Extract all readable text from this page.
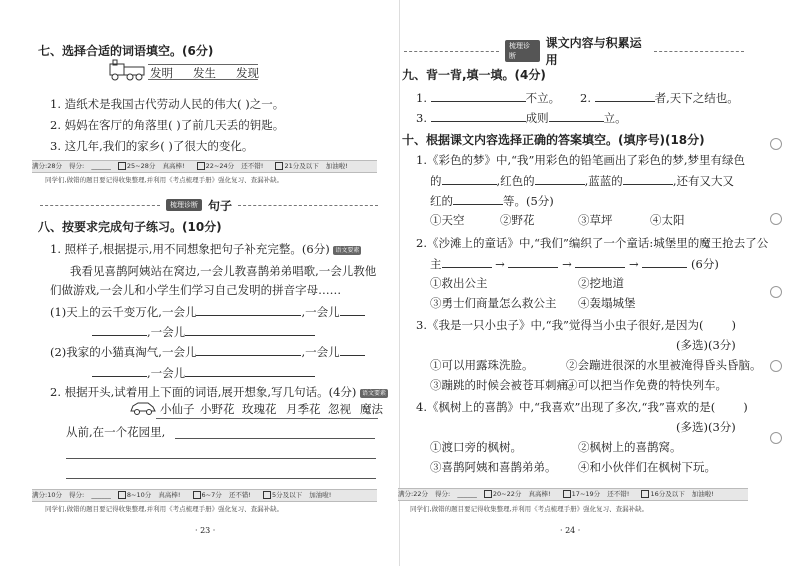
七、选择合适的词语填空。(6分)
发明 发生 发现
1. 造纸术是我国古代劳动人民的伟大( )之一。
2. 妈妈在客厅的角落里( )了前几天丢的钥匙。
3. 这几年,我们的家乡( )了很大的变化。
满分:28分 得分: ______ 25~28分 真高棒!	22~24分 还不错!	21分及以下 加油啦!
同学们,做错的题目要记得收集整理,并利用《考点梳理手册》强化复习、查漏补缺。
梳理诊断 句子
八、按要求完成句子练习。(10分)
1. 照样子,根据提示,用不同想象把句子补充完整。(6分) 语文要素
我看见喜鹊阿姨站在窝边,一会儿教喜鹊弟弟唱歌,一会儿教他
们做游戏,一会儿和小学生们学习自己发明的拼音字母……
(1)天上的云千变万化,一会儿	,一会儿
,一会儿
(2)我家的小猫真淘气,一会儿	,一会儿
,一会儿
2. 根据开头,试着用上下面的词语,展开想象,写几句话。(4分) 语文要素
小仙子 小野花 玫瑰花 月季花 忽视 魔法
从前,在一个花园里,
满分:10分 得分: ______ 8~10分 真高棒!	6~7分 还不错!	5分及以下 加油啦!
同学们,做错的题目要记得收集整理,并利用《考点梳理手册》强化复习、查漏补缺。
· 23 ·
梳理诊断
课文内容与积累运用
九、背一背,填一填。(4分)
1.	不立。 2.	者,天下之结也。
3.	成则	立。
十、根据课文内容选择正确的答案填空。(填序号)(18分)
1.《彩色的梦》中,“我”用彩色的铅笔画出了彩色的梦,梦里有绿色
的	,红色的	,蓝蓝的	,还有又大又
红的	等。(5分)
①天空	②野花	③草坪	④太阳
2.《沙滩上的童话》中,“我们”编织了一个童话:城堡里的魔王抢去了公
主	→	→	→	(6分)
①救出公主	②挖地道
③勇士们商量怎么救公主 ④轰塌城堡
3.《我是一只小虫子》中,“我”觉得当小虫子很好,是因为( )
(多选)(3分)
①可以用露珠洗脸。	②会蹦进很深的水里被淹得昏头昏脑。
③蹦跳的时候会被苍耳刺痛。
④可以把当作免费的特快列车。
4.《枫树上的喜鹊》中,“我喜欢”出现了多次,“我”喜欢的是( )
(多选)(3分)
①渡口旁的枫树。	②枫树上的喜鹊窝。
③喜鹊阿姨和喜鹊弟弟。 ④和小伙伴们在枫树下玩。
满分:22分 得分: ______ 20~22分 真高棒!	17~19分 还不错!	16分及以下 加油啦!
同学们,做错的题目要记得收集整理,并利用《考点梳理手册》强化复习、查漏补缺。
· 24 ·
